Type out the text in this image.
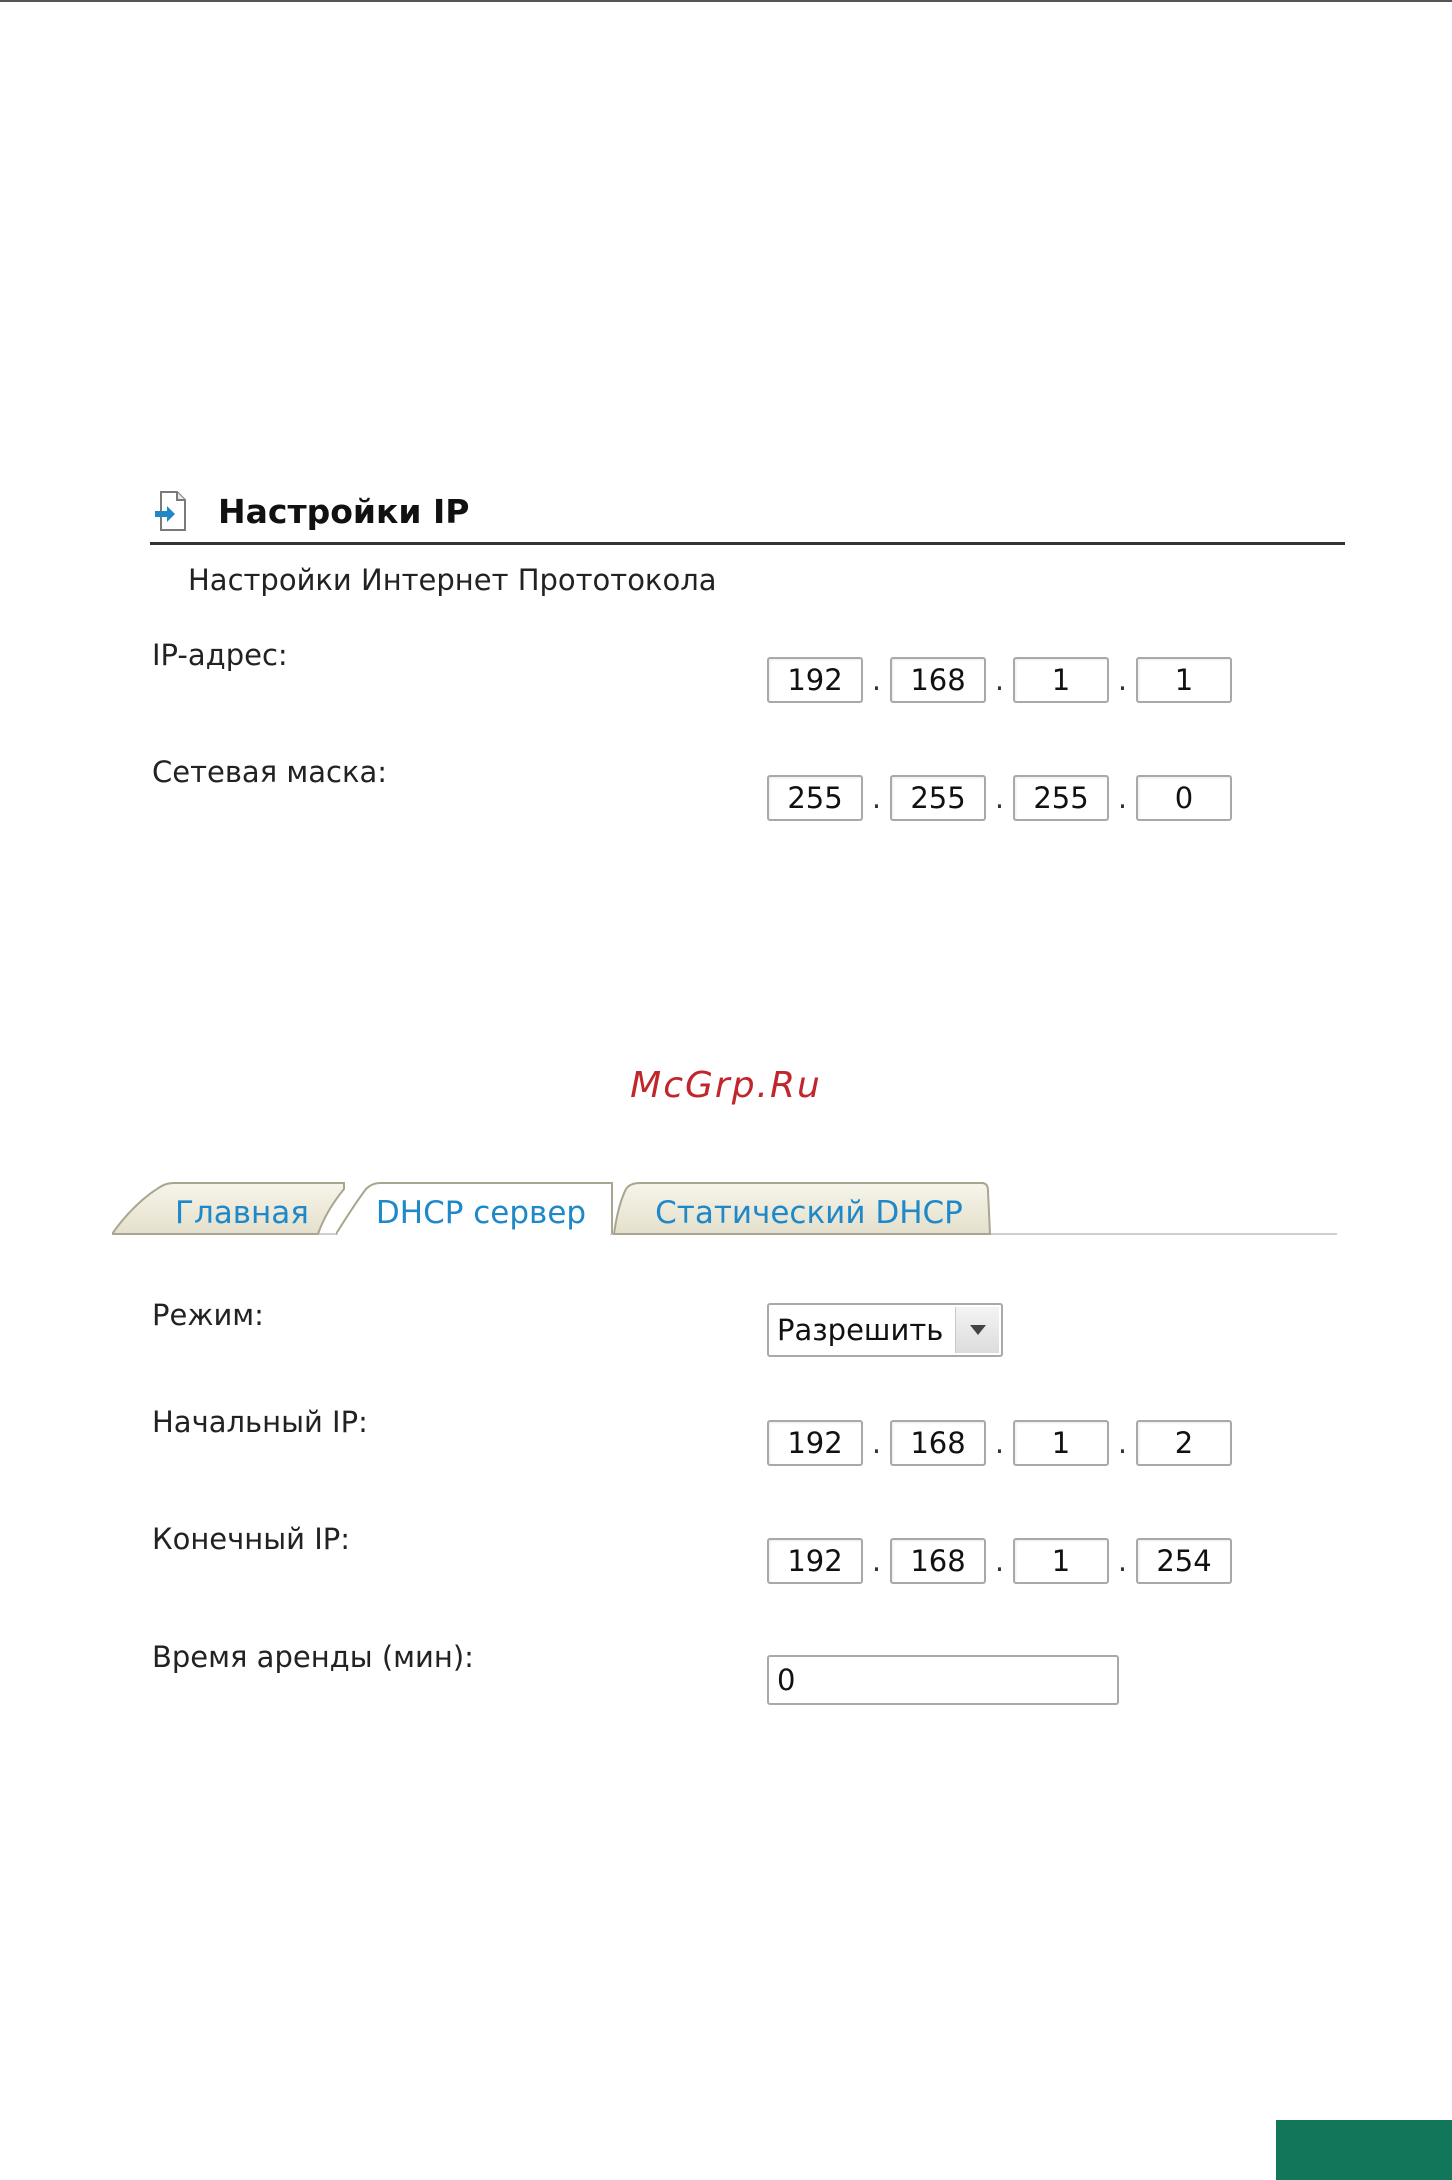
Настройки IP
Настройки Интернет Прототокола
IP-адрес:
192	.	168	.	1	.	1
Сетевая маска:
255	.	255	.	255	.	0
McGrp.Ru
Главная	DHCP сервер	Статический DHCP
Режим:	Разрешить
Начальный IP:
192	.	168	.	1	.	2
Конечный IP:
192	.	168	.	1	.	254
Время аренды (мин):
0
